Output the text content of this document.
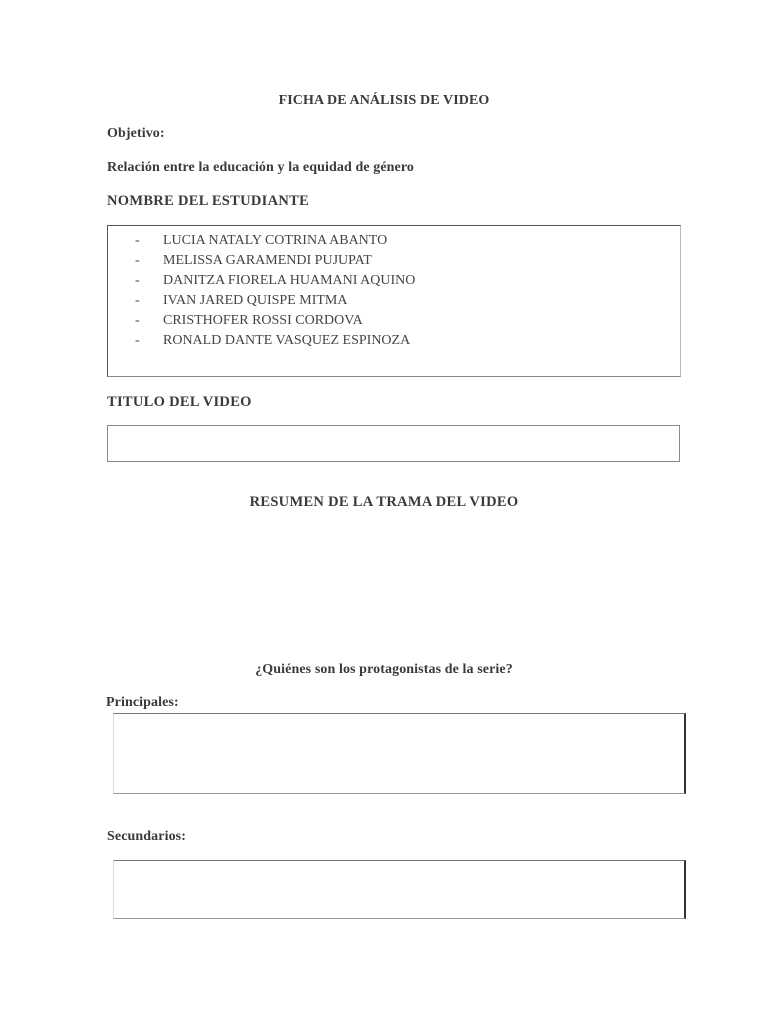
FICHA DE ANÁLISIS DE VIDEO
Objetivo:
Relación entre la educación y la equidad de género
NOMBRE DEL ESTUDIANTE
-	LUCIA NATALY COTRINA ABANTO
-	MELISSA GARAMENDI PUJUPAT
-	DANITZA FIORELA HUAMANI AQUINO
-	IVAN JARED QUISPE MITMA
-	CRISTHOFER ROSSI CORDOVA
-	RONALD DANTE VASQUEZ ESPINOZA
TITULO DEL VIDEO
RESUMEN DE LA TRAMA DEL VIDEO
¿Quiénes son los protagonistas de la serie?
Principales:
Secundarios:
